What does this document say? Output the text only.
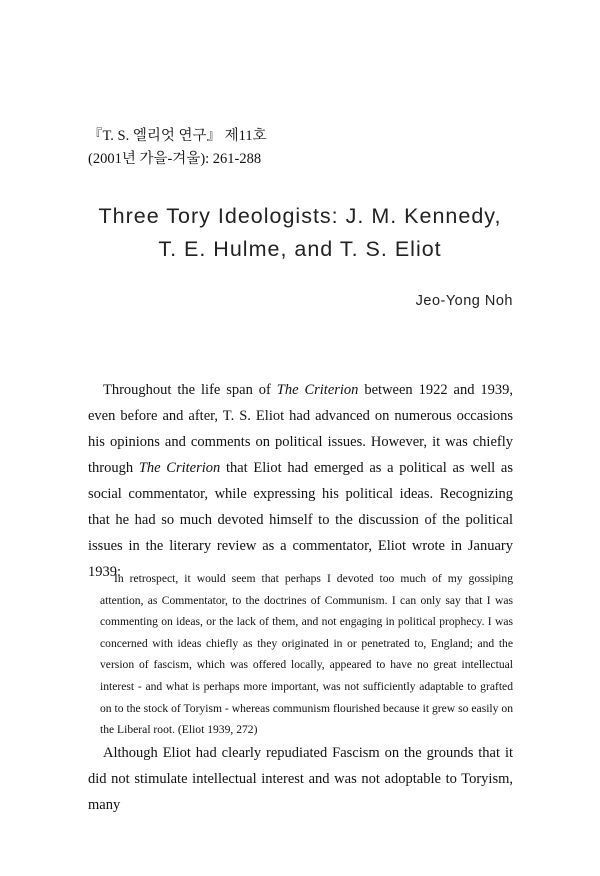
『T. S. 엘리엇 연구』 제11호
(2001년 가을-겨울): 261-288
Three Tory Ideologists: J. M. Kennedy,
T. E. Hulme, and T. S. Eliot
Jeo-Yong Noh

Throughout the life span of The Criterion between 1922 and 1939, even before and after, T. S. Eliot had advanced on numerous occasions his opinions and comments on political issues. However, it was chiefly through The Criterion that Eliot had emerged as a political as well as social commentator, while expressing his political ideas. Recognizing that he had so much devoted himself to the discussion of the political issues in the literary review as a commentator, Eliot wrote in January 1939:

In retrospect, it would seem that perhaps I devoted too much of my gossiping attention, as Commentator, to the doctrines of Communism. I can only say that I was commenting on ideas, or the lack of them, and not engaging in political prophecy. I was concerned with ideas chiefly as they originated in or penetrated to, England; and the version of fascism, which was offered locally, appeared to have no great intellectual interest - and what is perhaps more important, was not sufficiently adaptable to grafted on to the stock of Toryism - whereas communism flourished because it grew so easily on the Liberal root. (Eliot 1939, 272)

Although Eliot had clearly repudiated Fascism on the grounds that it did not stimulate intellectual interest and was not adoptable to Toryism, many
